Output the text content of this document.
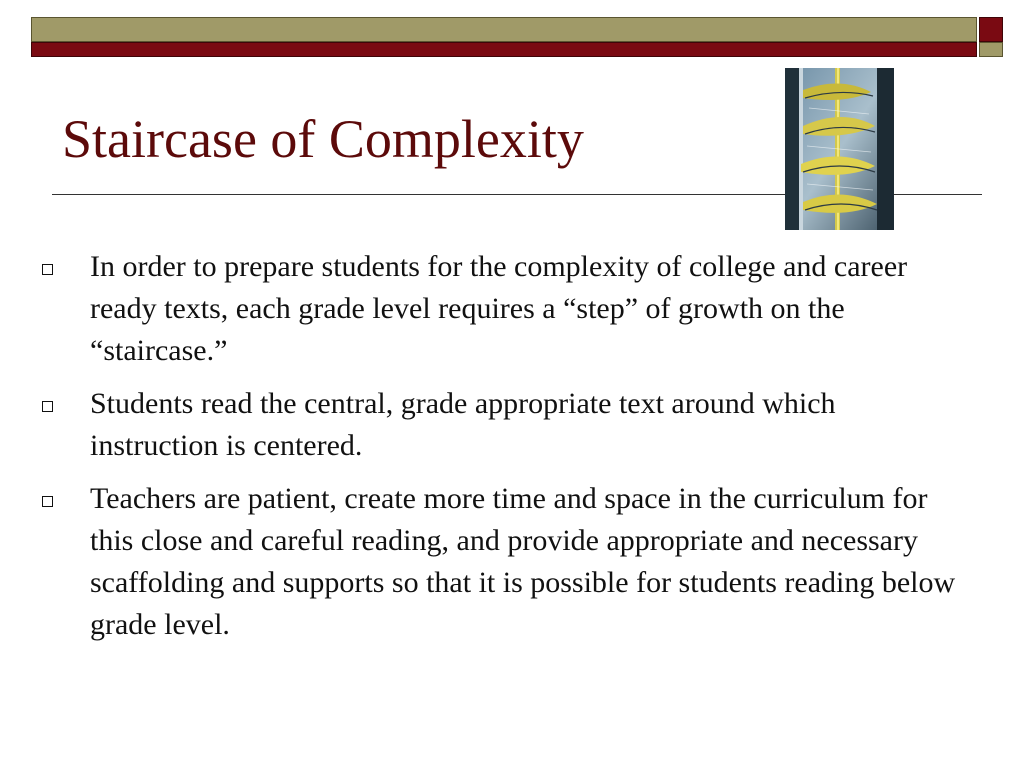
Staircase of Complexity
In order to prepare students for the complexity of college and career ready texts, each grade level requires a “step” of growth on the “staircase.”
Students read the central, grade appropriate text around which instruction is centered.
Teachers are patient, create more time and space in the curriculum for this close and careful reading, and provide appropriate and necessary scaffolding and supports so that it is possible for students reading below grade level.
